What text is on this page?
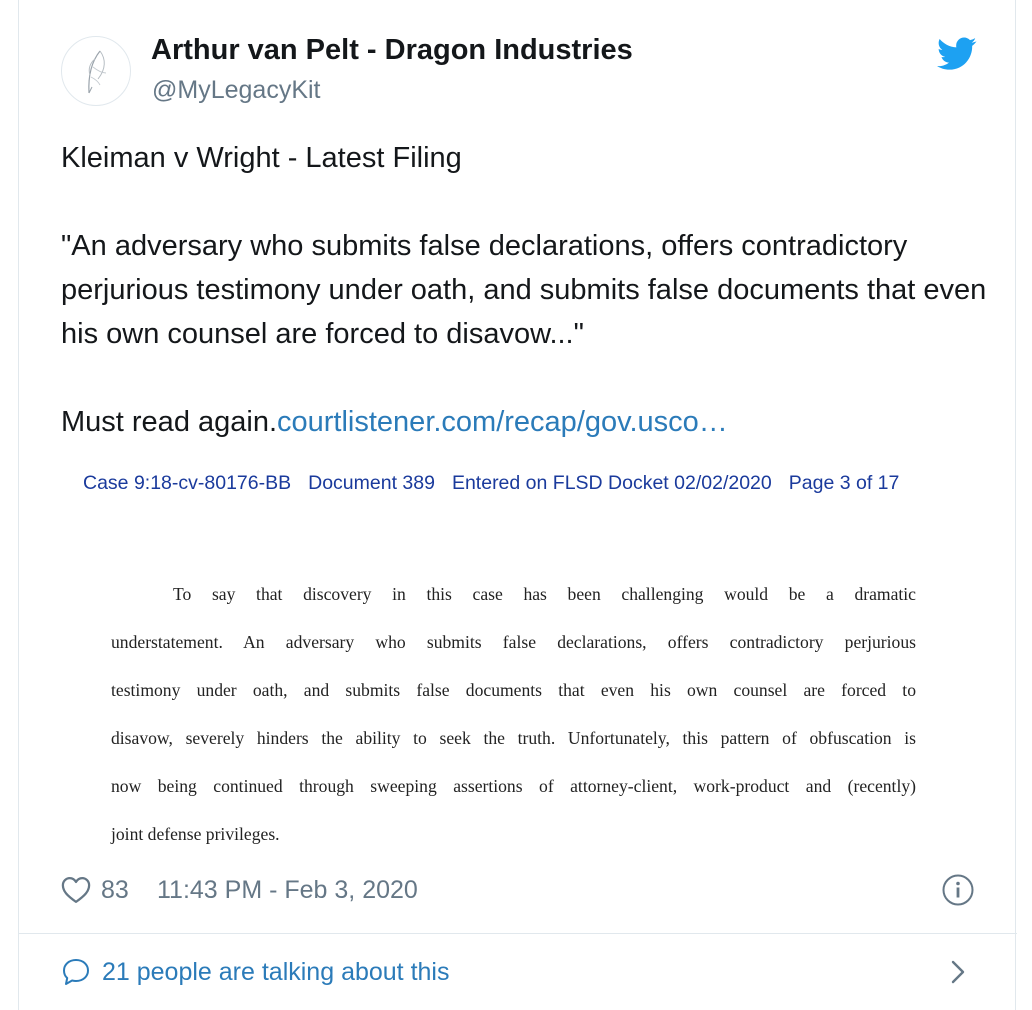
Arthur van Pelt - Dragon Industries
@MyLegacyKit

Kleiman v Wright - Latest Filing

"An adversary who submits false declarations, offers contradictory perjurious testimony under oath, and submits false documents that even his own counsel are forced to disavow..."

Must read again.courtlistener.com/recap/gov.usco…

Case 9:18-cv-80176-BB Document 389 Entered on FLSD Docket 02/02/2020 Page 3 of 17
To say that discovery in this case has been challenging would be a dramatic
understatement. An adversary who submits false declarations, offers contradictory perjurious
testimony under oath, and submits false documents that even his own counsel are forced to
disavow, severely hinders the ability to seek the truth. Unfortunately, this pattern of obfuscation is
now being continued through sweeping assertions of attorney-client, work-product and (recently)
joint defense privileges.
83 11:43 PM - Feb 3, 2020
21 people are talking about this
